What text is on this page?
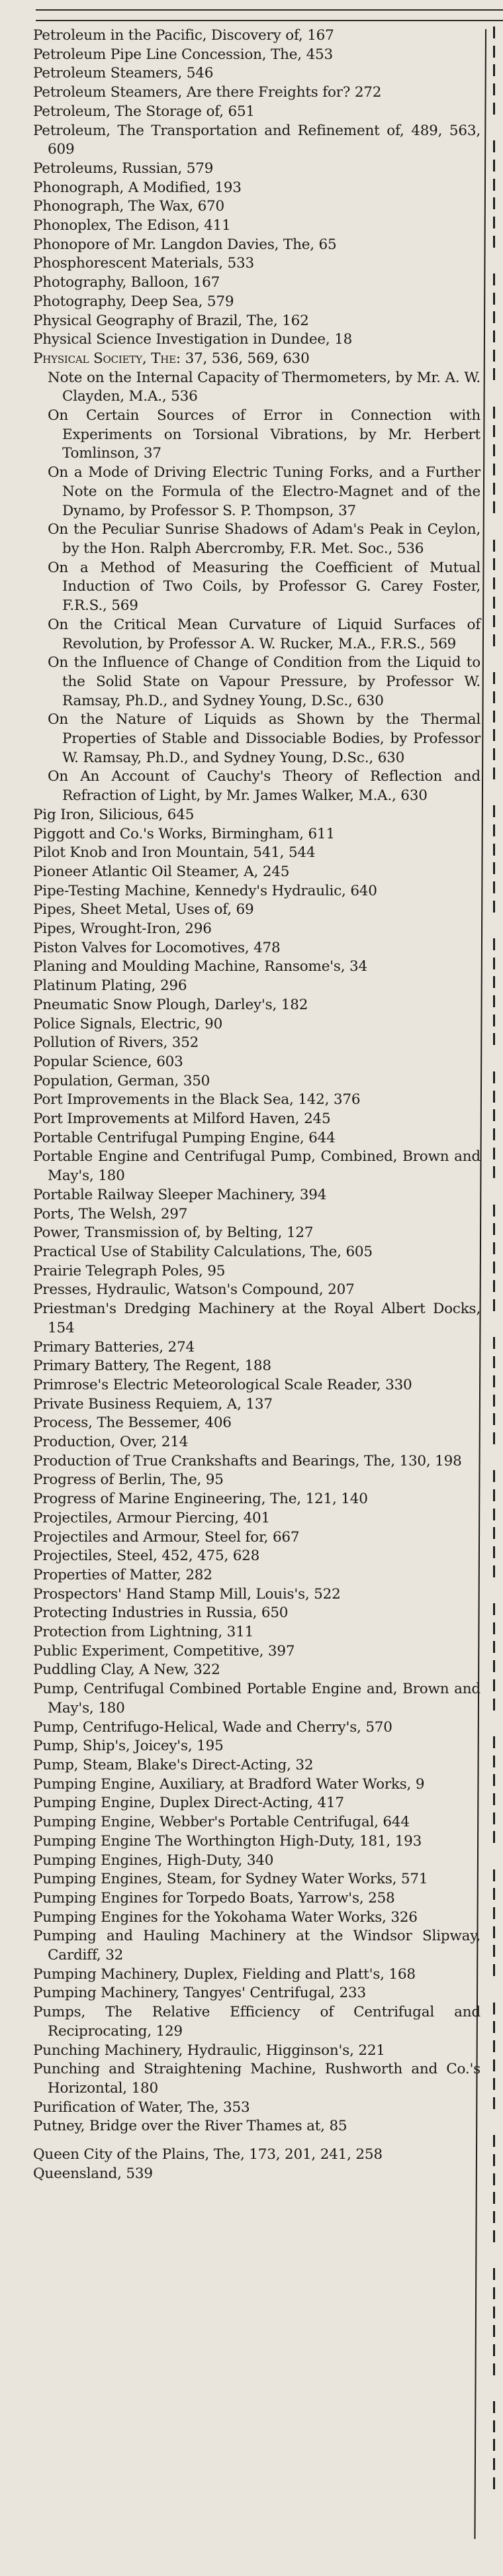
Petroleum in the Pacific, Discovery of, 167
Petroleum Pipe Line Concession, The, 453
Petroleum Steamers, 546
Petroleum Steamers, Are there Freights for? 272
Petroleum, The Storage of, 651
Petroleum, The Transportation and Refinement of, 489, 563, 609
Petroleums, Russian, 579
Phonograph, A Modified, 193
Phonograph, The Wax, 670
Phonoplex, The Edison, 411
Phonopore of Mr. Langdon Davies, The, 65
Phosphorescent Materials, 533
Photography, Balloon, 167
Photography, Deep Sea, 579
Physical Geography of Brazil, The, 162
Physical Science Investigation in Dundee, 18
Physical Society, The: 37, 536, 569, 630
Note on the Internal Capacity of Thermometers, by Mr. A. W. Clayden, M.A., 536
On Certain Sources of Error in Connection with Experiments on Torsional Vibrations, by Mr. Herbert Tomlinson, 37
On a Mode of Driving Electric Tuning Forks, and a Further Note on the Formula of the Electro-Magnet and of the Dynamo, by Professor S. P. Thompson, 37
On the Peculiar Sunrise Shadows of Adam's Peak in Ceylon, by the Hon. Ralph Abercromby, F.R. Met. Soc., 536
On a Method of Measuring the Coefficient of Mutual Induction of Two Coils, by Professor G. Carey Foster, F.R.S., 569
On the Critical Mean Curvature of Liquid Surfaces of Revolution, by Professor A. W. Rucker, M.A., F.R.S., 569
On the Influence of Change of Condition from the Liquid to the Solid State on Vapour Pressure, by Professor W. Ramsay, Ph.D., and Sydney Young, D.Sc., 630
On the Nature of Liquids as Shown by the Thermal Properties of Stable and Dissociable Bodies, by Professor W. Ramsay, Ph.D., and Sydney Young, D.Sc., 630
On An Account of Cauchy's Theory of Reflection and Refraction of Light, by Mr. James Walker, M.A., 630
Pig Iron, Silicious, 645
Piggott and Co.'s Works, Birmingham, 611
Pilot Knob and Iron Mountain, 541, 544
Pioneer Atlantic Oil Steamer, A, 245
Pipe-Testing Machine, Kennedy's Hydraulic, 640
Pipes, Sheet Metal, Uses of, 69
Pipes, Wrought-Iron, 296
Piston Valves for Locomotives, 478
Planing and Moulding Machine, Ransome's, 34
Platinum Plating, 296
Pneumatic Snow Plough, Darley's, 182
Police Signals, Electric, 90
Pollution of Rivers, 352
Popular Science, 603
Population, German, 350
Port Improvements in the Black Sea, 142, 376
Port Improvements at Milford Haven, 245
Portable Centrifugal Pumping Engine, 644
Portable Engine and Centrifugal Pump, Combined, Brown and May's, 180
Portable Railway Sleeper Machinery, 394
Ports, The Welsh, 297
Power, Transmission of, by Belting, 127
Practical Use of Stability Calculations, The, 605
Prairie Telegraph Poles, 95
Presses, Hydraulic, Watson's Compound, 207
Priestman's Dredging Machinery at the Royal Albert Docks, 154
Primary Batteries, 274
Primary Battery, The Regent, 188
Primrose's Electric Meteorological Scale Reader, 330
Private Business Requiem, A, 137
Process, The Bessemer, 406
Production, Over, 214
Production of True Crankshafts and Bearings, The, 130, 198
Progress of Berlin, The, 95
Progress of Marine Engineering, The, 121, 140
Projectiles, Armour Piercing, 401
Projectiles and Armour, Steel for, 667
Projectiles, Steel, 452, 475, 628
Properties of Matter, 282
Prospectors' Hand Stamp Mill, Louis's, 522
Protecting Industries in Russia, 650
Protection from Lightning, 311
Public Experiment, Competitive, 397
Puddling Clay, A New, 322
Pump, Centrifugal Combined Portable Engine and, Brown and May's, 180
Pump, Centrifugo-Helical, Wade and Cherry's, 570
Pump, Ship's, Joicey's, 195
Pump, Steam, Blake's Direct-Acting, 32
Pumping Engine, Auxiliary, at Bradford Water Works, 9
Pumping Engine, Duplex Direct-Acting, 417
Pumping Engine, Webber's Portable Centrifugal, 644
Pumping Engine The Worthington High-Duty, 181, 193
Pumping Engines, High-Duty, 340
Pumping Engines, Steam, for Sydney Water Works, 571
Pumping Engines for Torpedo Boats, Yarrow's, 258
Pumping Engines for the Yokohama Water Works, 326
Pumping and Hauling Machinery at the Windsor Slipway, Cardiff, 32
Pumping Machinery, Duplex, Fielding and Platt's, 168
Pumping Machinery, Tangyes' Centrifugal, 233
Pumps, The Relative Efficiency of Centrifugal and Reciprocating, 129
Punching Machinery, Hydraulic, Higginson's, 221
Punching and Straightening Machine, Rushworth and Co.'s Horizontal, 180
Purification of Water, The, 353
Putney, Bridge over the River Thames at, 85
Queen City of the Plains, The, 173, 201, 241, 258
Queensland, 539
